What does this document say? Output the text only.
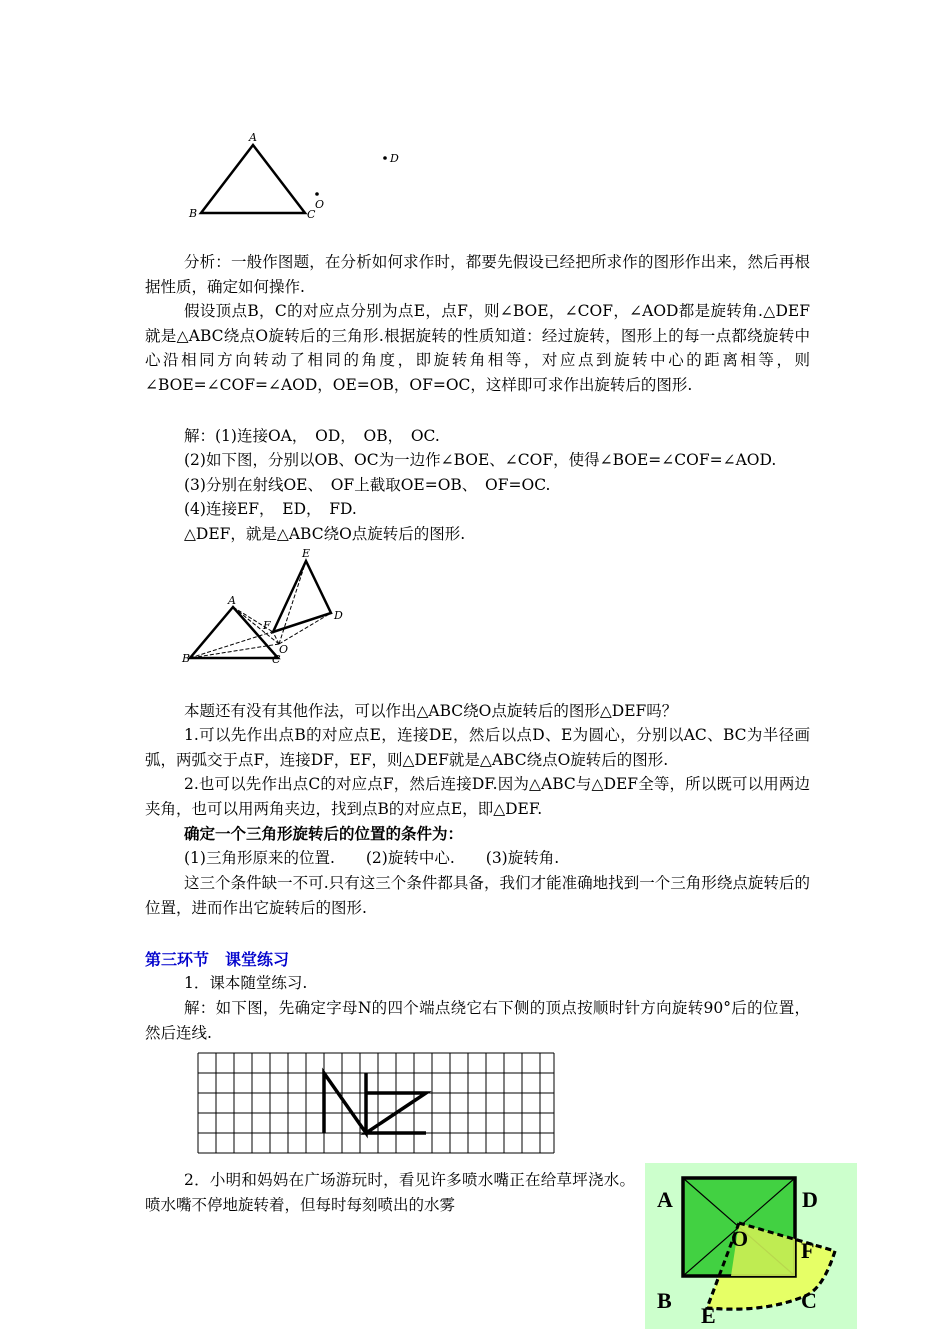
A
B	C
O
D

分析：一般作图题，在分析如何求作时，都要先假设已经把所求作的图形作出来，然后再根据性质，确定如何操作.

假设顶点B，C的对应点分别为点E，点F，则∠BOE，∠COF，∠AOD都是旋转角.△DEF就是△ABC绕点O旋转后的三角形.根据旋转的性质知道：经过旋转，图形上的每一点都绕旋转中心沿相同方向转动了相同的角度，即旋转角相等，对应点到旋转中心的距离相等，则∠BOE=∠COF=∠AOD，OE=OB，OF=OC，这样即可求作出旋转后的图形.

解：(1)连接OA，　OD，　OB，　OC.

(2)如下图，分别以OB、OC为一边作∠BOE、∠COF，使得∠BOE=∠COF=∠AOD.

(3)分别在射线OE、　OF上截取OE=OB、　OF=OC.

(4)连接EF，　ED，　FD.

△DEF，就是△ABC绕O点旋转后的图形.

E
A
F
D
O
B	C

本题还有没有其他作法，可以作出△ABC绕O点旋转后的图形△DEF吗？

1.可以先作出点B的对应点E，连接DE，然后以点D、E为圆心，分别以AC、BC为半径画弧，两弧交于点F，连接DF，EF，则△DEF就是△ABC绕点O旋转后的图形.

2.也可以先作出点C的对应点F，然后连接DF.因为△ABC与△DEF全等，所以既可以用两边夹角，也可以用两角夹边，找到点B的对应点E，即△DEF.

确定一个三角形旋转后的位置的条件为：

(1)三角形原来的位置.　　(2)旋转中心.　　(3)旋转角.

这三个条件缺一不可.只有这三个条件都具备，我们才能准确地找到一个三角形绕点旋转后的位置，进而作出它旋转后的图形.

第三环节　课堂练习

1．课本随堂练习.

解：如下图，先确定字母N的四个端点绕它右下侧的顶点按顺时针方向旋转90°后的位置，然后连线.

2．小明和妈妈在广场游玩时，看见许多喷水嘴正在给草坪浇水。 喷水嘴不停地旋转着，但每时每刻喷出的水雾	A	D
O F
B
E
C
